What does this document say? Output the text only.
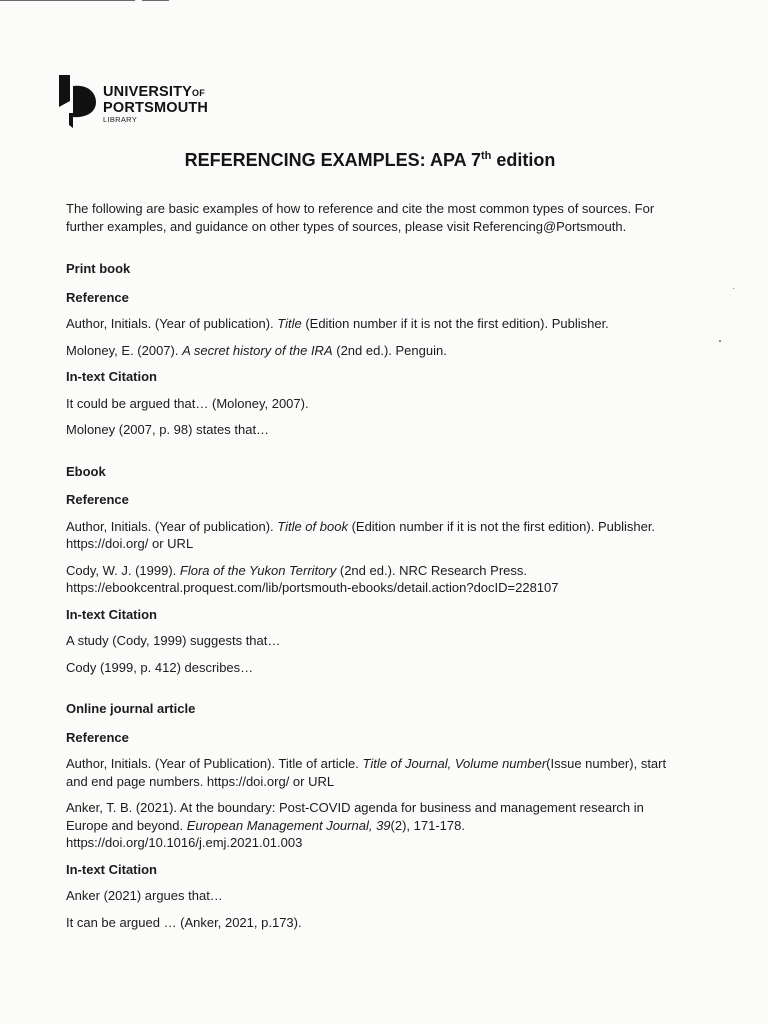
UNIVERSITYOF
PORTSMOUTH
LIBRARY
REFERENCING EXAMPLES: APA 7th edition

The following are basic examples of how to reference and cite the most common types of sources. For further examples, and guidance on other types of sources, please visit Referencing@Portsmouth.

Print book

Reference

Author, Initials. (Year of publication). Title (Edition number if it is not the first edition). Publisher.

Moloney, E. (2007). A secret history of the IRA (2nd ed.). Penguin.

In-text Citation

It could be argued that… (Moloney, 2007).

Moloney (2007, p. 98) states that…

Ebook

Reference

Author, Initials. (Year of publication). Title of book (Edition number if it is not the first edition). Publisher. https://doi.org/ or URL

Cody, W. J. (1999). Flora of the Yukon Territory (2nd ed.). NRC Research Press. https://ebookcentral.proquest.com/lib/portsmouth-ebooks/detail.action?docID=228107

In-text Citation

A study (Cody, 1999) suggests that…

Cody (1999, p. 412) describes…

Online journal article

Reference

Author, Initials. (Year of Publication). Title of article. Title of Journal, Volume number(Issue number), start and end page numbers. https://doi.org/ or URL

Anker, T. B. (2021). At the boundary: Post-COVID agenda for business and management research in Europe and beyond. European Management Journal, 39(2), 171-178. https://doi.org/10.1016/j.emj.2021.01.003

In-text Citation

Anker (2021) argues that…

It can be argued … (Anker, 2021, p.173).
